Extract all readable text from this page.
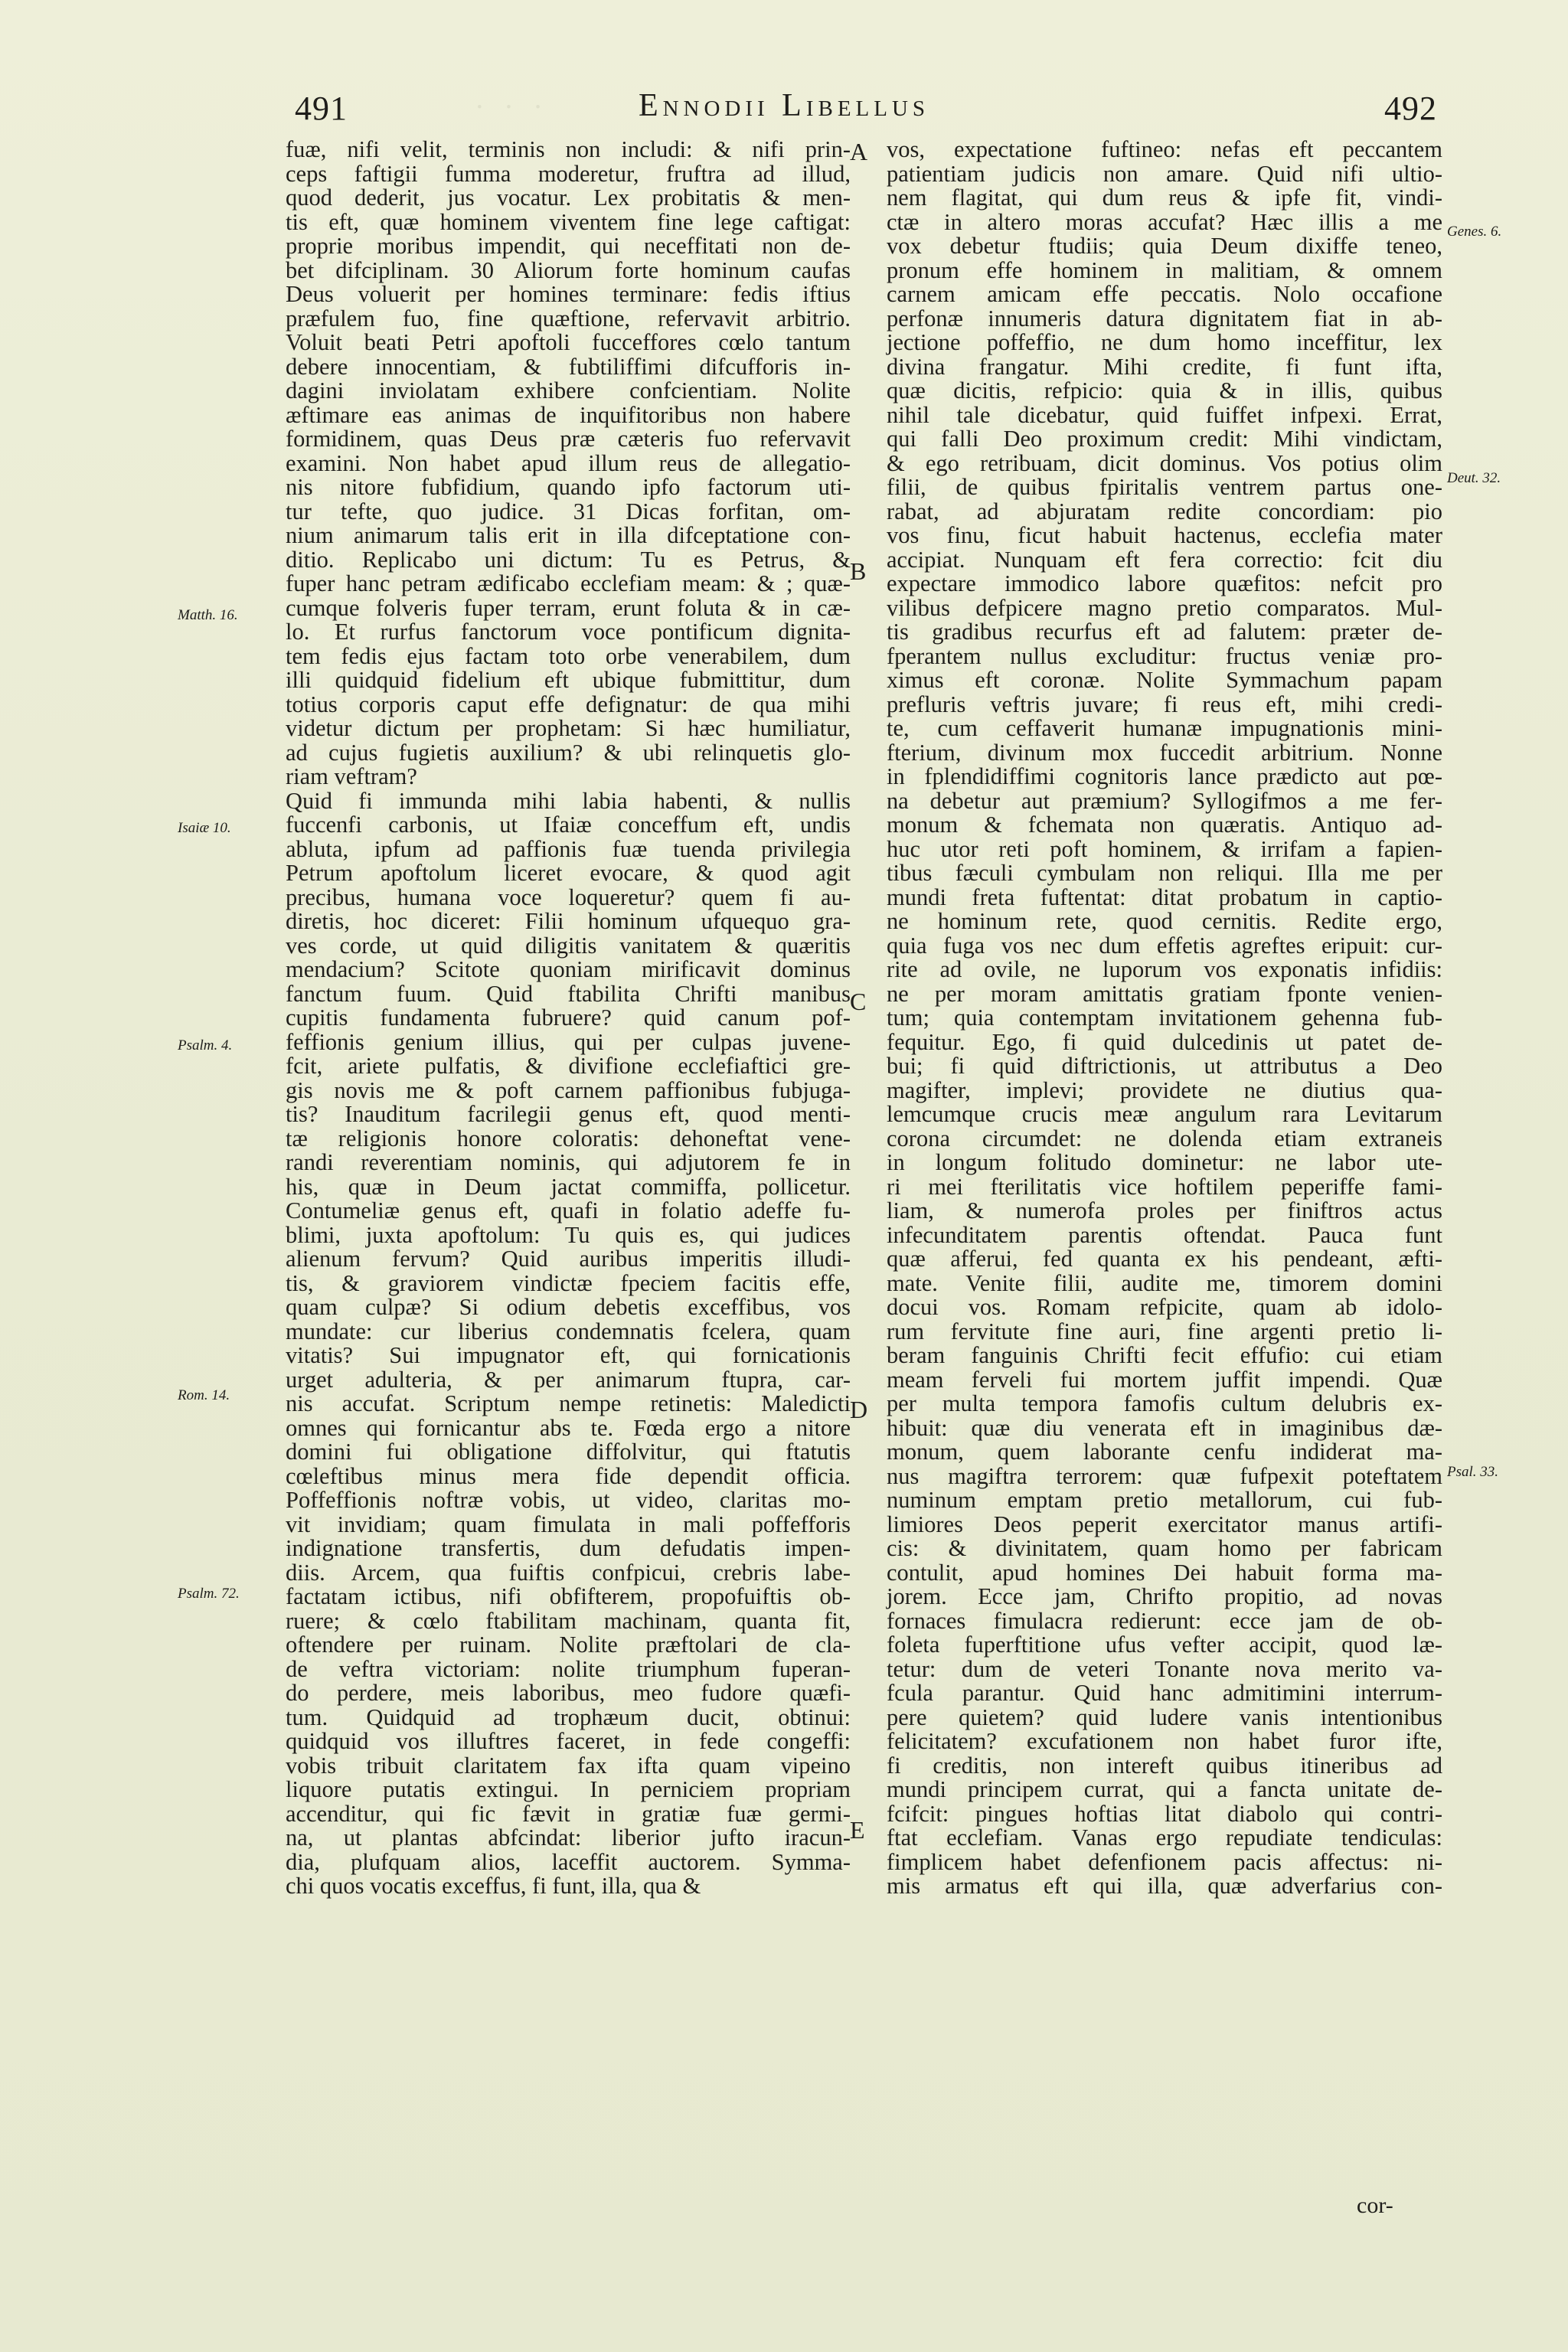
· · ·
491	Ennodii Libellus	492
fuæ, nifi velit, terminis non includi: & nifi prin-
ceps faftigii fumma moderetur, fruftra ad illud,
quod dederit, jus vocatur. Lex probitatis & men-
tis eft, quæ hominem viventem fine lege caftigat:
proprie moribus impendit, qui neceffitati non de-
bet difciplinam. 30 Aliorum forte hominum caufas
Deus voluerit per homines terminare: fedis iftius
præfulem fuo, fine quæftione, refervavit arbitrio.
Voluit beati Petri apoftoli fucceffores cœlo tantum
debere innocentiam, & fubtiliffimi difcufforis in-
dagini inviolatam exhibere confcientiam. Nolite
æftimare eas animas de inquifitoribus non habere
formidinem, quas Deus præ cæteris fuo refervavit
examini. Non habet apud illum reus de allegatio-
nis nitore fubfidium, quando ipfo factorum uti-
tur tefte, quo judice. 31 Dicas forfitan, om-
nium animarum talis erit in illa difceptatione con-
ditio. Replicabo uni dictum: Tu es Petrus, &
fuper hanc petram ædificabo ecclefiam meam: & ; quæ-
cumque folveris fuper terram, erunt foluta & in cæ-
lo. Et rurfus fanctorum voce pontificum dignita-
tem fedis ejus factam toto orbe venerabilem, dum
illi quidquid fidelium eft ubique fubmittitur, dum
totius corporis caput effe defignatur: de qua mihi
videtur dictum per prophetam: Si hæc humiliatur,
ad cujus fugietis auxilium? & ubi relinquetis glo-
riam veftram?
Quid fi immunda mihi labia habenti, & nullis
fuccenfi carbonis, ut Ifaiæ conceffum eft, undis
abluta, ipfum ad paffionis fuæ tuenda privilegia
Petrum apoftolum liceret evocare, & quod agit
precibus, humana voce loqueretur? quem fi au-
diretis, hoc diceret: Filii hominum ufquequo gra-
ves corde, ut quid diligitis vanitatem & quæritis
mendacium? Scitote quoniam mirificavit dominus
fanctum fuum. Quid ftabilita Chrifti manibus
cupitis fundamenta fubruere? quid canum pof-
feffionis genium illius, qui per culpas juvene-
fcit, ariete pulfatis, & divifione ecclefiaftici gre-
gis novis me & poft carnem paffionibus fubjuga-
tis? Inauditum facrilegii genus eft, quod menti-
tæ religionis honore coloratis: dehoneftat vene-
randi reverentiam nominis, qui adjutorem fe in
his, quæ in Deum jactat commiffa, pollicetur.
Contumeliæ genus eft, quafi in folatio adeffe fu-
blimi, juxta apoftolum: Tu quis es, qui judices
alienum fervum? Quid auribus imperitis illudi-
tis, & graviorem vindictæ fpeciem facitis effe,
quam culpæ? Si odium debetis exceffibus, vos
mundate: cur liberius condemnatis fcelera, quam
vitatis? Sui impugnator eft, qui fornicationis
urget adulteria, & per animarum ftupra, car-
nis accufat. Scriptum nempe retinetis: Maledicti
omnes qui fornicantur abs te. Fœda ergo a nitore
domini fui obligatione diffolvitur, qui ftatutis
cœleftibus minus mera fide dependit officia.
Poffeffionis noftræ vobis, ut video, claritas mo-
vit invidiam; quam fimulata in mali poffefforis
indignatione transfertis, dum defudatis impen-
diis. Arcem, qua fuiftis confpicui, crebris labe-
factatam ictibus, nifi obfifterem, propofuiftis ob-
ruere; & cœlo ftabilitam machinam, quanta fit,
oftendere per ruinam. Nolite præftolari de cla-
de veftra victoriam: nolite triumphum fuperan-
do perdere, meis laboribus, meo fudore quæfi-
tum. Quidquid ad trophæum ducit, obtinui:
quidquid vos illuftres faceret, in fede congeffi:
vobis tribuit claritatem fax ifta quam vipeino
liquore putatis extingui. In perniciem propriam
accenditur, qui fic fævit in gratiæ fuæ germi-
na, ut plantas abfcindat: liberior jufto iracun-
dia, plufquam alios, laceffit auctorem. Symma-
chi quos vocatis exceffus, fi funt, illa, qua &
vos, expectatione fuftineo: nefas eft peccantem
patientiam judicis non amare. Quid nifi ultio-
nem flagitat, qui dum reus & ipfe fit, vindi-
ctæ in altero moras accufat? Hæc illis a me
vox debetur ftudiis; quia Deum dixiffe teneo,
pronum effe hominem in malitiam, & omnem
carnem amicam effe peccatis. Nolo occafione
perfonæ innumeris datura dignitatem fiat in ab-
jectione poffeffio, ne dum homo inceffitur, lex
divina frangatur. Mihi credite, fi funt ifta,
quæ dicitis, refpicio: quia & in illis, quibus
nihil tale dicebatur, quid fuiffet infpexi. Errat,
qui falli Deo proximum credit: Mihi vindictam,
& ego retribuam, dicit dominus. Vos potius olim
filii, de quibus fpiritalis ventrem partus one-
rabat, ad abjuratam redite concordiam: pio
vos finu, ficut habuit hactenus, ecclefia mater
accipiat. Nunquam eft fera correctio: fcit diu
expectare immodico labore quæfitos: nefcit pro
vilibus defpicere magno pretio comparatos. Mul-
tis gradibus recurfus eft ad falutem: præter de-
fperantem nullus excluditur: fructus veniæ pro-
ximus eft coronæ. Nolite Symmachum papam
prefluris veftris juvare; fi reus eft, mihi credi-
te, cum ceffaverit humanæ impugnationis mini-
fterium, divinum mox fuccedit arbitrium. Nonne
in fplendidiffimi cognitoris lance prædicto aut pœ-
na debetur aut præmium? Syllogifmos a me fer-
monum & fchemata non quæratis. Antiquo ad-
huc utor reti poft hominem, & irrifam a fapien-
tibus fæculi cymbulam non reliqui. Illa me per
mundi freta fuftentat: ditat probatum in captio-
ne hominum rete, quod cernitis. Redite ergo,
quia fuga vos nec dum effetis agreftes eripuit: cur-
rite ad ovile, ne luporum vos exponatis infidiis:
ne per moram amittatis gratiam fponte venien-
tum; quia contemptam invitationem gehenna fub-
fequitur. Ego, fi quid dulcedinis ut patet de-
bui; fi quid diftrictionis, ut attributus a Deo
magifter, implevi; providete ne diutius qua-
lemcumque crucis meæ angulum rara Levitarum
corona circumdet: ne dolenda etiam extraneis
in longum folitudo dominetur: ne labor ute-
ri mei fterilitatis vice hoftilem peperiffe fami-
liam, & numerofa proles per finiftros actus
infecunditatem parentis oftendat. Pauca funt
quæ afferui, fed quanta ex his pendeant, æfti-
mate. Venite filii, audite me, timorem domini
docui vos. Romam refpicite, quam ab idolo-
rum fervitute fine auri, fine argenti pretio li-
beram fanguinis Chrifti fecit effufio: cui etiam
meam ferveli fui mortem juffit impendi. Quæ
per multa tempora famofis cultum delubris ex-
hibuit: quæ diu venerata eft in imaginibus dæ-
monum, quem laborante cenfu indiderat ma-
nus magiftra terrorem: quæ fufpexit poteftatem
numinum emptam pretio metallorum, cui fub-
limiores Deos peperit exercitator manus artifi-
cis: & divinitatem, quam homo per fabricam
contulit, apud homines Dei habuit forma ma-
jorem. Ecce jam, Chrifto propitio, ad novas
fornaces fimulacra redierunt: ecce jam de ob-
foleta fuperftitione ufus vefter accipit, quod læ-
tetur: dum de veteri Tonante nova merito va-
fcula parantur. Quid hanc admitimini interrum-
pere quietem? quid ludere vanis intentionibus
felicitatem? excufationem non habet furor ifte,
fi creditis, non intereft quibus itineribus ad
mundi principem currat, qui a fancta unitate de-
fcifcit: pingues hoftias litat diabolo qui contri-
ftat ecclefiam. Vanas ergo repudiate tendiculas:
fimplicem habet defenfionem pacis affectus: ni-
mis armatus eft qui illa, quæ adverfarius con-
A
B
C
D
E
Matth. 16.
Isaiæ 10.
Psalm. 4.
Rom. 14.
Psalm. 72.
Genes. 6.
Deut. 32.
Psal. 33.
cor-
